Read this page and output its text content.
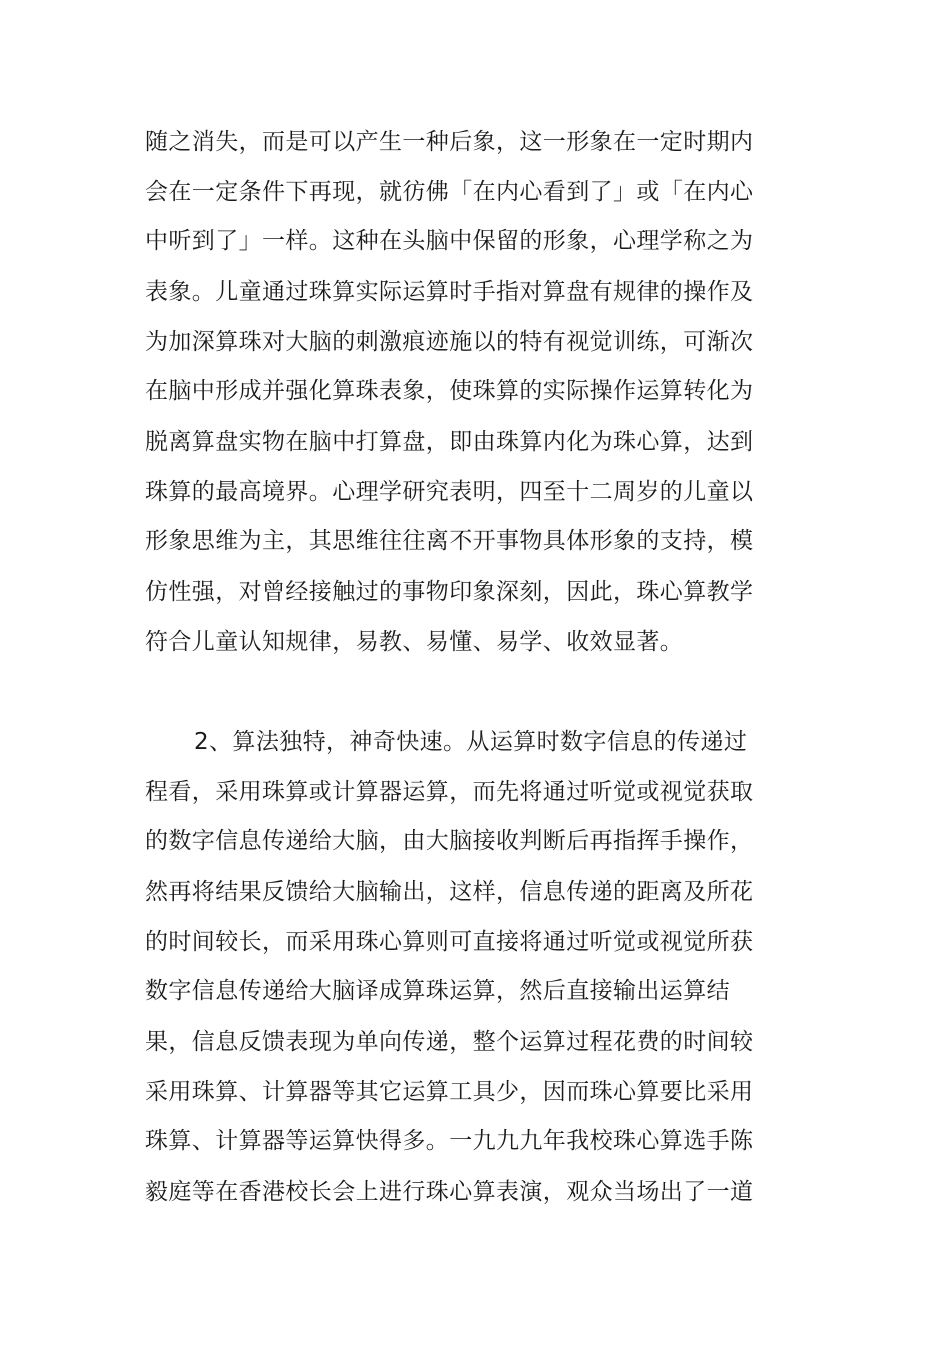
随之消失，而是可以产生一种后象，这一形象在一定时期内
会在一定条件下再现，就彷佛「在内心看到了」或「在内心
中听到了」一样。这种在头脑中保留的形象，心理学称之为
表象。儿童通过珠算实际运算时手指对算盘有规律的操作及
为加深算珠对大脑的刺激痕迹施以的特有视觉训练，可渐次
在脑中形成并强化算珠表象，使珠算的实际操作运算转化为
脱离算盘实物在脑中打算盘，即由珠算内化为珠心算，达到
珠算的最高境界。心理学研究表明，四至十二周岁的儿童以
形象思维为主，其思维往往离不开事物具体形象的支持，模
仿性强，对曾经接触过的事物印象深刻，因此，珠心算教学
符合儿童认知规律，易教、易懂、易学、收效显著。
2、算法独特，神奇快速。从运算时数字信息的传递过
程看，采用珠算或计算器运算，而先将通过听觉或视觉获取
的数字信息传递给大脑，由大脑接收判断后再指挥手操作，
然再将结果反馈给大脑输出，这样，信息传递的距离及所花
的时间较长，而采用珠心算则可直接将通过听觉或视觉所获
数字信息传递给大脑译成算珠运算，然后直接输出运算结
果，信息反馈表现为单向传递，整个运算过程花费的时间较
采用珠算、计算器等其它运算工具少，因而珠心算要比采用
珠算、计算器等运算快得多。一九九九年我校珠心算选手陈
毅庭等在香港校长会上进行珠心算表演，观众当场出了一道
